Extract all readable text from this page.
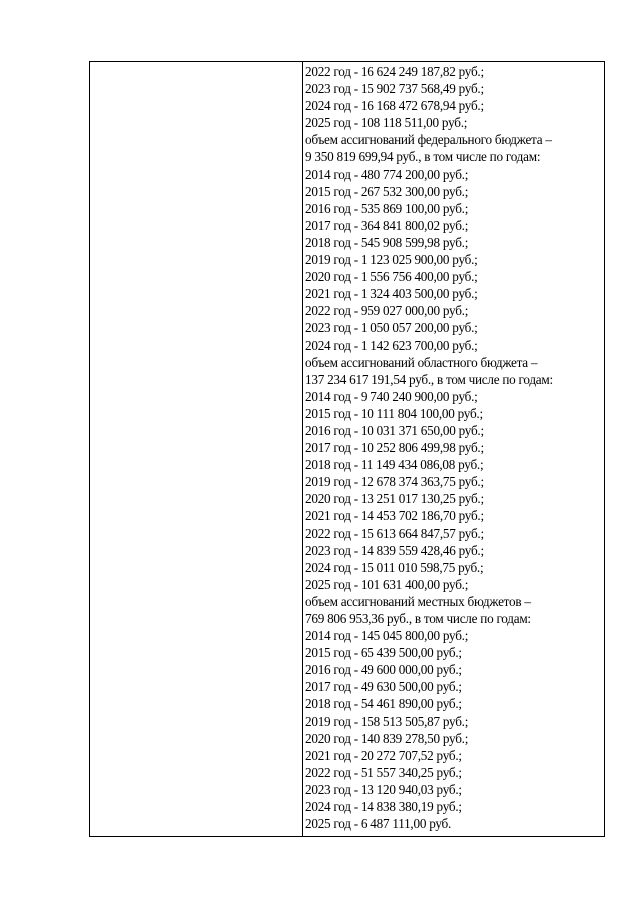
2022 год - 16 624 249 187,82 руб.;
2023 год - 15 902 737 568,49 руб.;
2024 год - 16 168 472 678,94 руб.;
2025 год - 108 118 511,00 руб.;
объем ассигнований федерального бюджета –
9 350 819 699,94 руб., в том числе по годам:
2014 год - 480 774 200,00 руб.;
2015 год - 267 532 300,00 руб.;
2016 год - 535 869 100,00 руб.;
2017 год - 364 841 800,02 руб.;
2018 год - 545 908 599,98 руб.;
2019 год - 1 123 025 900,00 руб.;
2020 год - 1 556 756 400,00 руб.;
2021 год - 1 324 403 500,00 руб.;
2022 год - 959 027 000,00 руб.;
2023 год - 1 050 057 200,00 руб.;
2024 год - 1 142 623 700,00 руб.;
объем ассигнований областного бюджета –
137 234 617 191,54 руб., в том числе по годам:
2014 год - 9 740 240 900,00 руб.;
2015 год - 10 111 804 100,00 руб.;
2016 год - 10 031 371 650,00 руб.;
2017 год - 10 252 806 499,98 руб.;
2018 год - 11 149 434 086,08 руб.;
2019 год - 12 678 374 363,75 руб.;
2020 год - 13 251 017 130,25 руб.;
2021 год - 14 453 702 186,70 руб.;
2022 год - 15 613 664 847,57 руб.;
2023 год - 14 839 559 428,46 руб.;
2024 год - 15 011 010 598,75 руб.;
2025 год - 101 631 400,00 руб.;
объем ассигнований местных бюджетов –
769 806 953,36 руб., в том числе по годам:
2014 год - 145 045 800,00 руб.;
2015 год - 65 439 500,00 руб.;
2016 год - 49 600 000,00 руб.;
2017 год - 49 630 500,00 руб.;
2018 год - 54 461 890,00 руб.;
2019 год - 158 513 505,87 руб.;
2020 год - 140 839 278,50 руб.;
2021 год - 20 272 707,52 руб.;
2022 год - 51 557 340,25 руб.;
2023 год - 13 120 940,03 руб.;
2024 год - 14 838 380,19 руб.;
2025 год - 6 487 111,00 руб.
